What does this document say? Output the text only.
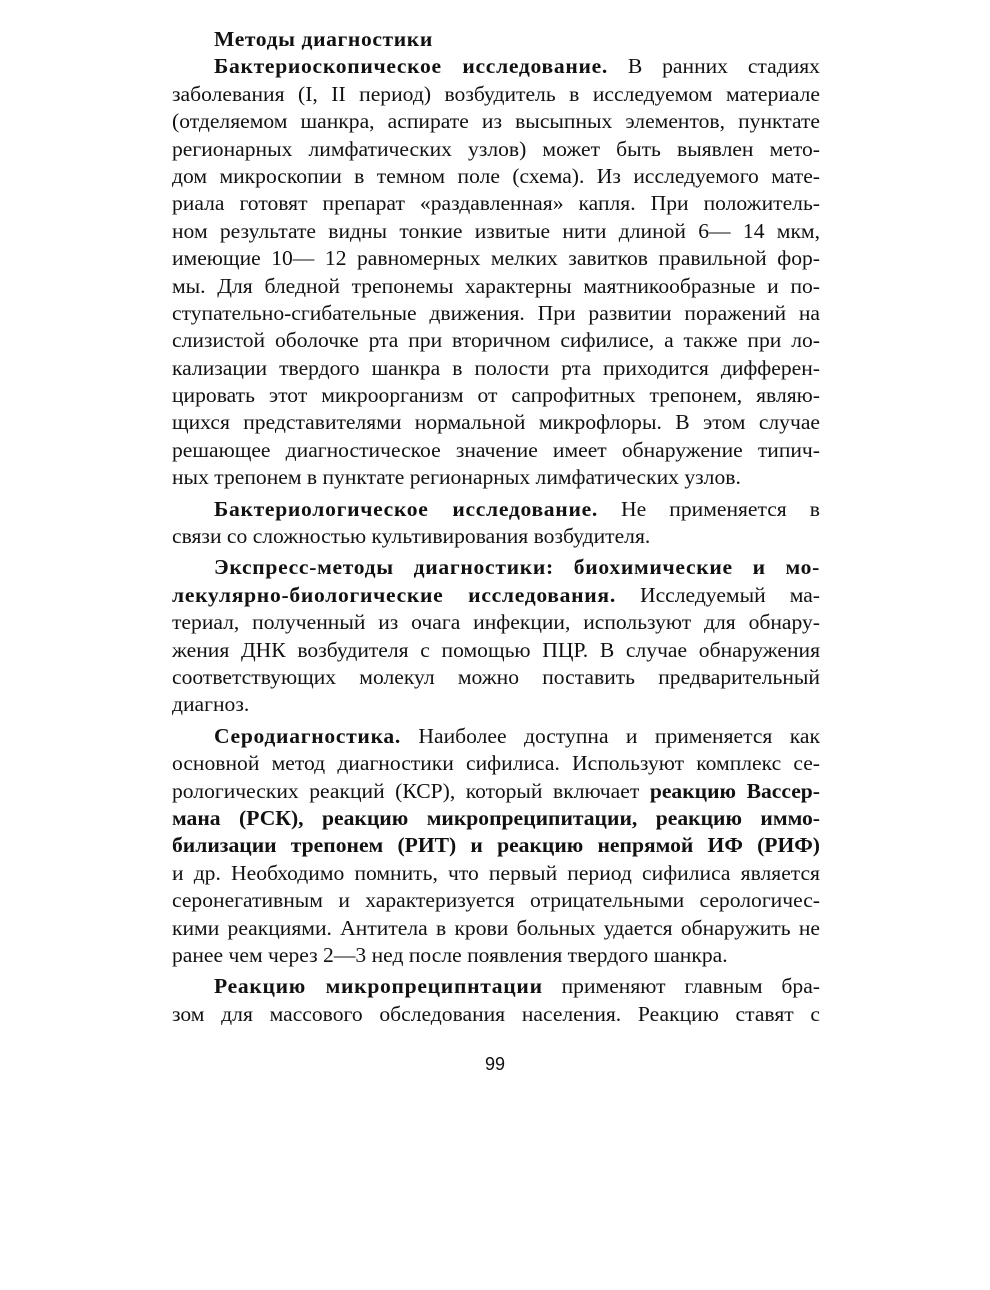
Методы диагностики
Бактериоскопическое исследование. В ранних стадиях
заболевания (I, II период) возбудитель в исследуемом материале
(отделяемом шанкра, аспирате из высыпных элементов, пунктате
регионарных лимфатических узлов) может быть выявлен мето-
дом микроскопии в темном поле (схема). Из исследуемого мате-
риала готовят препарат «раздавленная» капля. При положитель-
ном результате видны тонкие извитые нити длиной 6— 14 мкм,
имеющие 10— 12 равномерных мелких завитков правильной фор-
мы. Для бледной трепонемы характерны маятникообразные и по-
ступательно-сгибательные движения. При развитии поражений на
слизистой оболочке рта при вторичном сифилисе, а также при ло-
кализации твердого шанкра в полости рта приходится дифферен-
цировать этот микроорганизм от сапрофитных трепонем, являю-
щихся представителями нормальной микрофлоры. В этом случае
решающее диагностическое значение имеет обнаружение типич-
ных трепонем в пунктате регионарных лимфатических узлов.
Бактериологическое исследование. Не применяется в
связи со сложностью культивирования возбудителя.
Экспресс-методы диагностики: биохимические и мо-
лекулярно-биологические исследования. Исследуемый ма-
териал, полученный из очага инфекции, используют для обнару-
жения ДНК возбудителя с помощью ПЦР. В случае обнаружения
соответствующих молекул можно поставить предварительный
диагноз.
Серодиагностика. Наиболее доступна и применяется как
основной метод диагностики сифилиса. Используют комплекс се-
рологических реакций (КСР), который включает реакцию Вассер-
мана (РСК), реакцию микропреципитации, реакцию иммо-
билизации трепонем (РИТ) и реакцию непрямой ИФ (РИФ)
и др. Необходимо помнить, что первый период сифилиса является
серонегативным и характеризуется отрицательными серологичес-
кими реакциями. Антитела в крови больных удается обнаружить не
ранее чем через 2—3 нед после появления твердого шанкра.
Реакцию микропреципнтации применяют главным бра-
зом для массового обследования населения. Реакцию ставят с
99
